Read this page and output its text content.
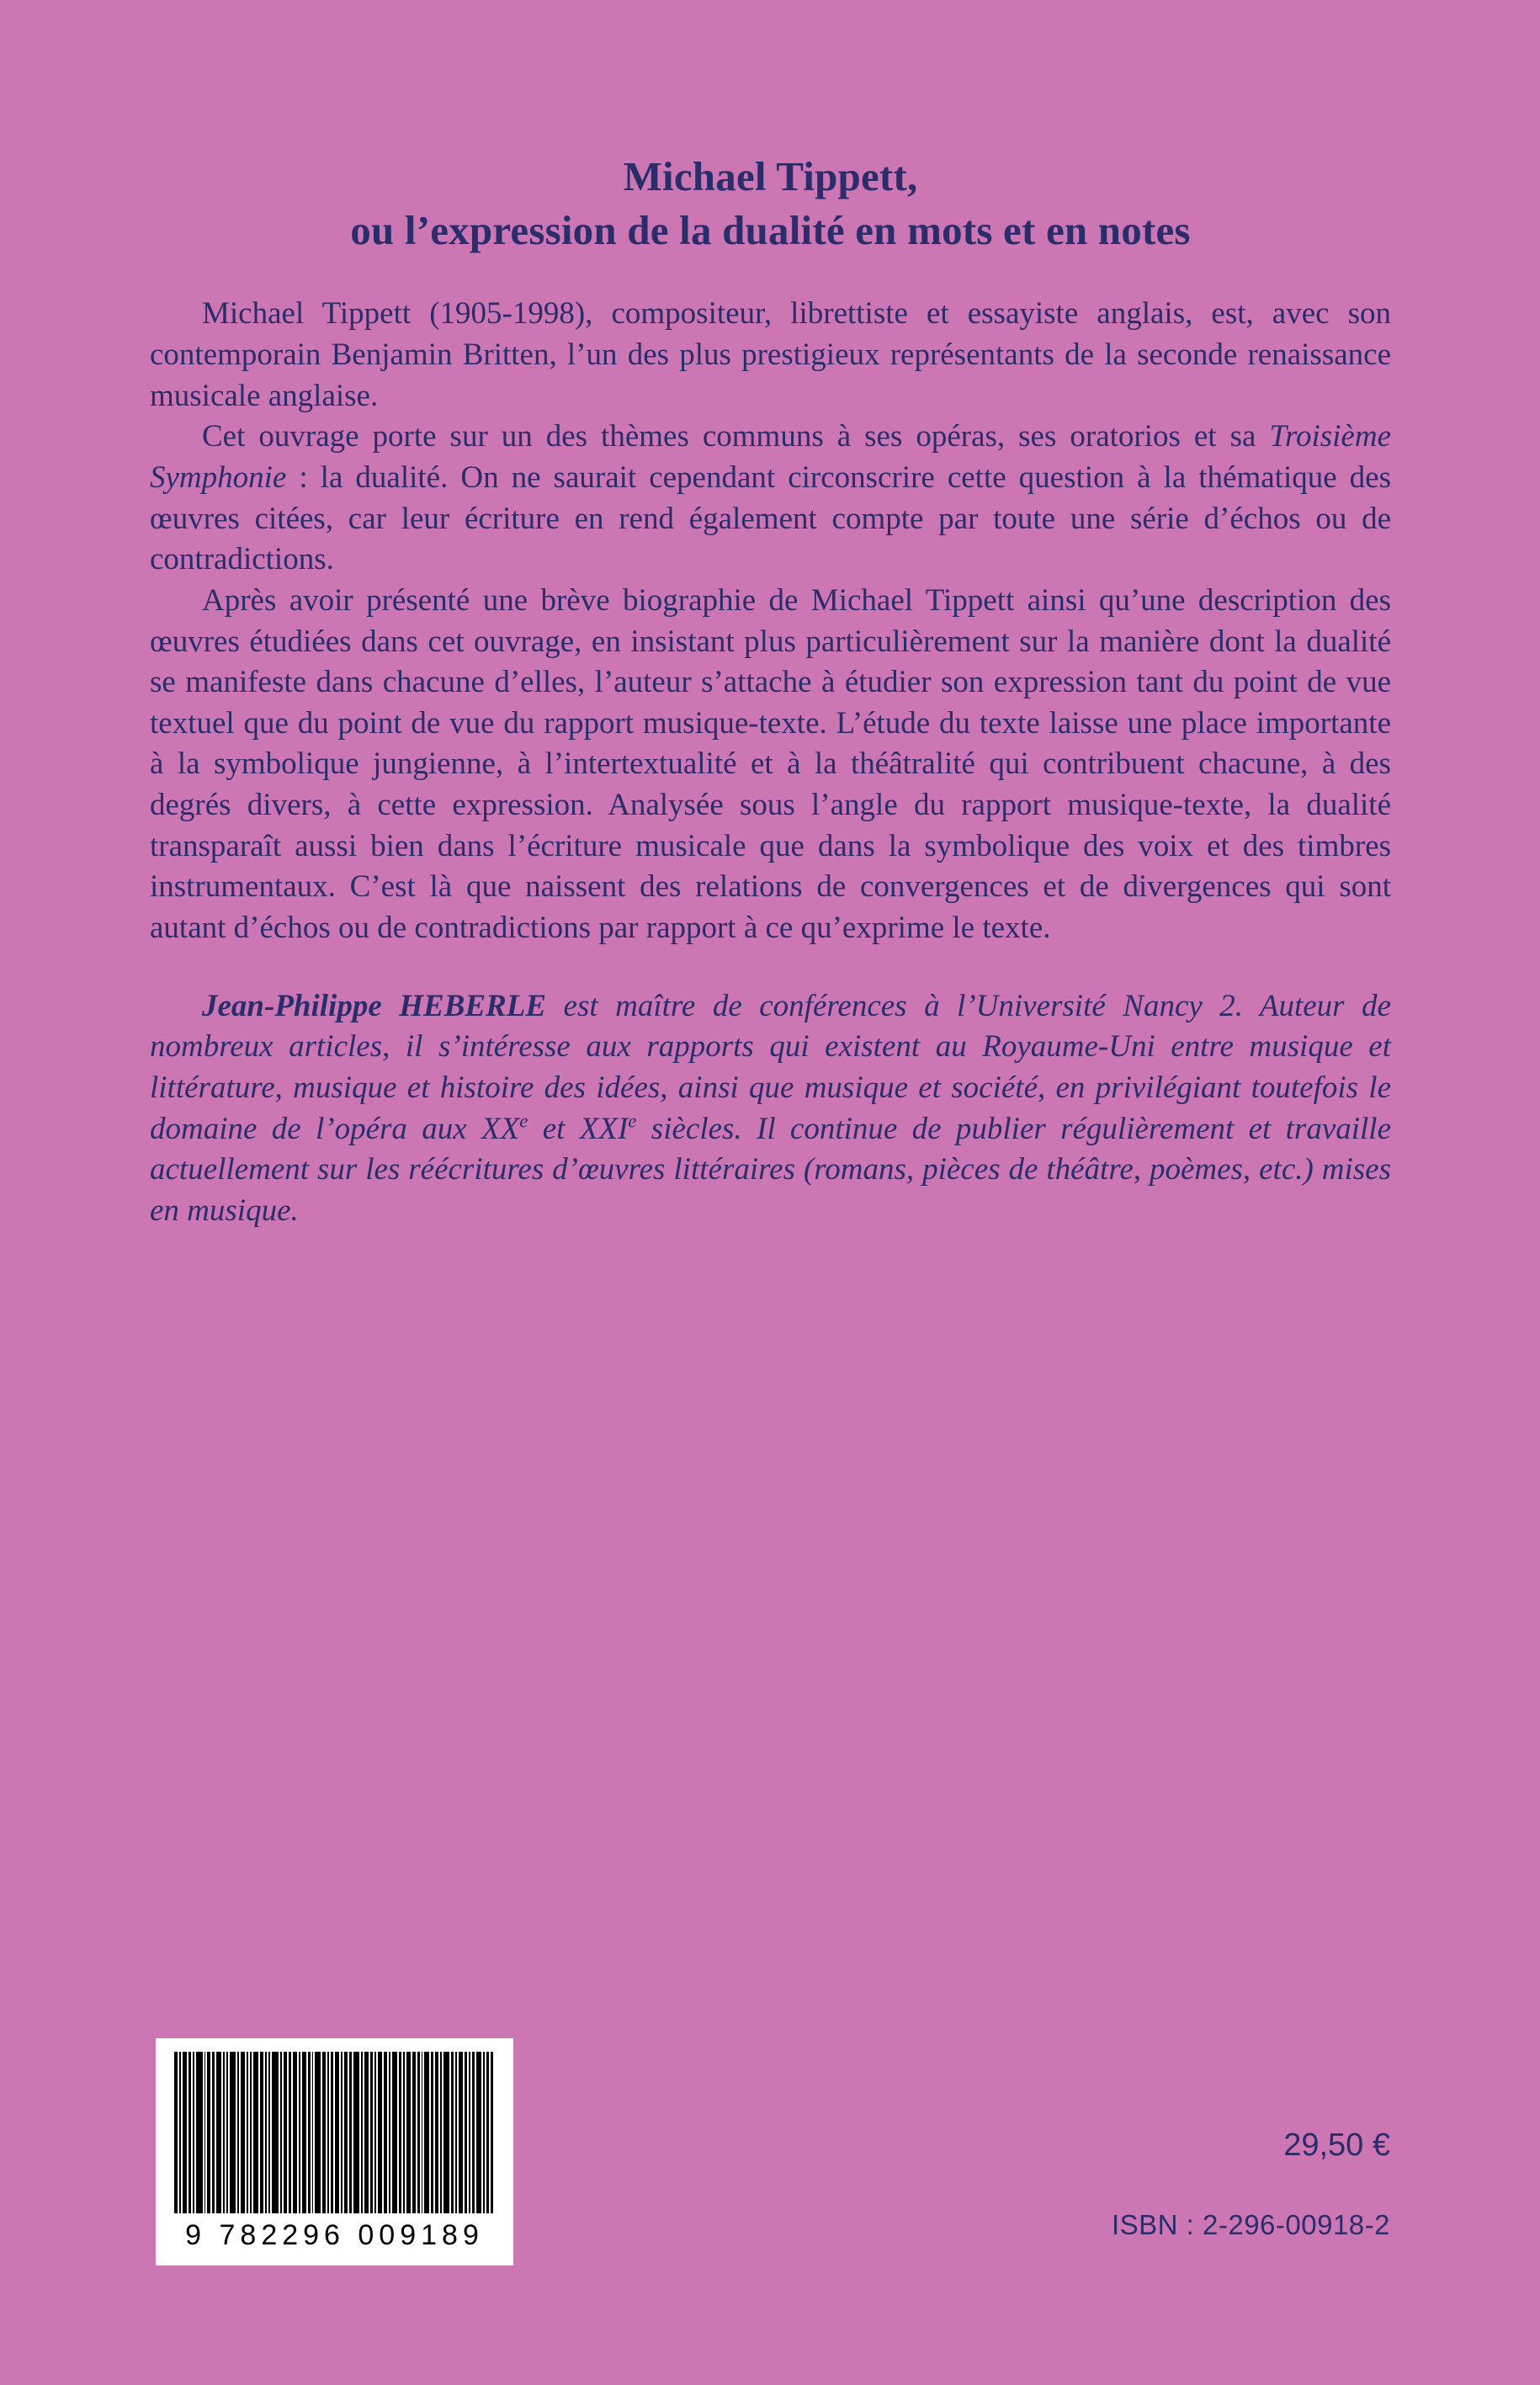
Michael Tippett,
ou l’expression de la dualité en mots et en notes

Michael Tippett (1905-1998), compositeur, librettiste et essayiste anglais, est, avec son contemporain Benjamin Britten, l’un des plus prestigieux représentants de la seconde renaissance musicale anglaise.

Cet ouvrage porte sur un des thèmes communs à ses opéras, ses oratorios et sa Troisième Symphonie : la dualité. On ne saurait cependant circonscrire cette question à la thématique des œuvres citées, car leur écriture en rend également compte par toute une série d’échos ou de contradictions.

Après avoir présenté une brève biographie de Michael Tippett ainsi qu’une description des œuvres étudiées dans cet ouvrage, en insistant plus particulièrement sur la manière dont la dualité se manifeste dans chacune d’elles, l’auteur s’attache à étudier son expression tant du point de vue textuel que du point de vue du rapport musique-texte. L’étude du texte laisse une place importante à la symbolique jungienne, à l’intertextualité et à la théâtralité qui contribuent chacune, à des degrés divers, à cette expression. Analysée sous l’angle du rapport musique-texte, la dualité transparaît aussi bien dans l’écriture musicale que dans la symbolique des voix et des timbres instrumentaux. C’est là que naissent des relations de convergences et de divergences qui sont autant d’échos ou de contradictions par rapport à ce qu’exprime le texte.

Jean-Philippe HEBERLE est maître de conférences à l’Université Nancy 2. Auteur de nombreux articles, il s’intéresse aux rapports qui existent au Royaume-Uni entre musique et littérature, musique et histoire des idées, ainsi que musique et société, en privilégiant toutefois le domaine de l’opéra aux XXe et XXIe siècles. Il continue de publier régulièrement et travaille actuellement sur les réécritures d’œuvres littéraires (romans, pièces de théâtre, poèmes, etc.) mises en musique.

9 782296 009189
29,50 €
ISBN : 2-296-00918-2
